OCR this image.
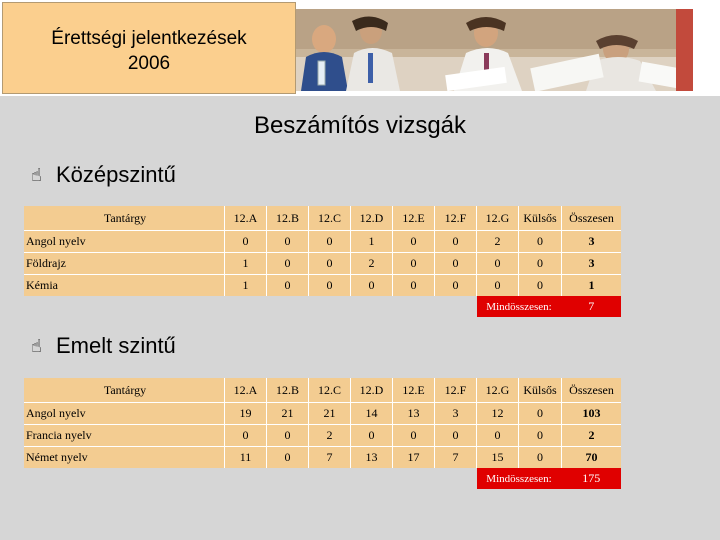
Érettségi jelentkezések
2006
Beszámítós vizsgák
☝ Középszintű
Tantárgy	12.A	12.B	12.C	12.D	12.E	12.F	12.G	Külsős	Összesen
Angol nyelv	0	0	0	1	0	0	2	0	3
Földrajz	1	0	0	2	0	0	0	0	3
Kémia	1	0	0	0	0	0	0	0	1
							Mindösszesen:		7
☝ Emelt szintű
Tantárgy	12.A	12.B	12.C	12.D	12.E	12.F	12.G	Külsős	Összesen
Angol nyelv	19	21	21	14	13	3	12	0	103
Francia nyelv	0	0	2	0	0	0	0	0	2
Német nyelv	11	0	7	13	17	7	15	0	70
							Mindösszesen:		175
